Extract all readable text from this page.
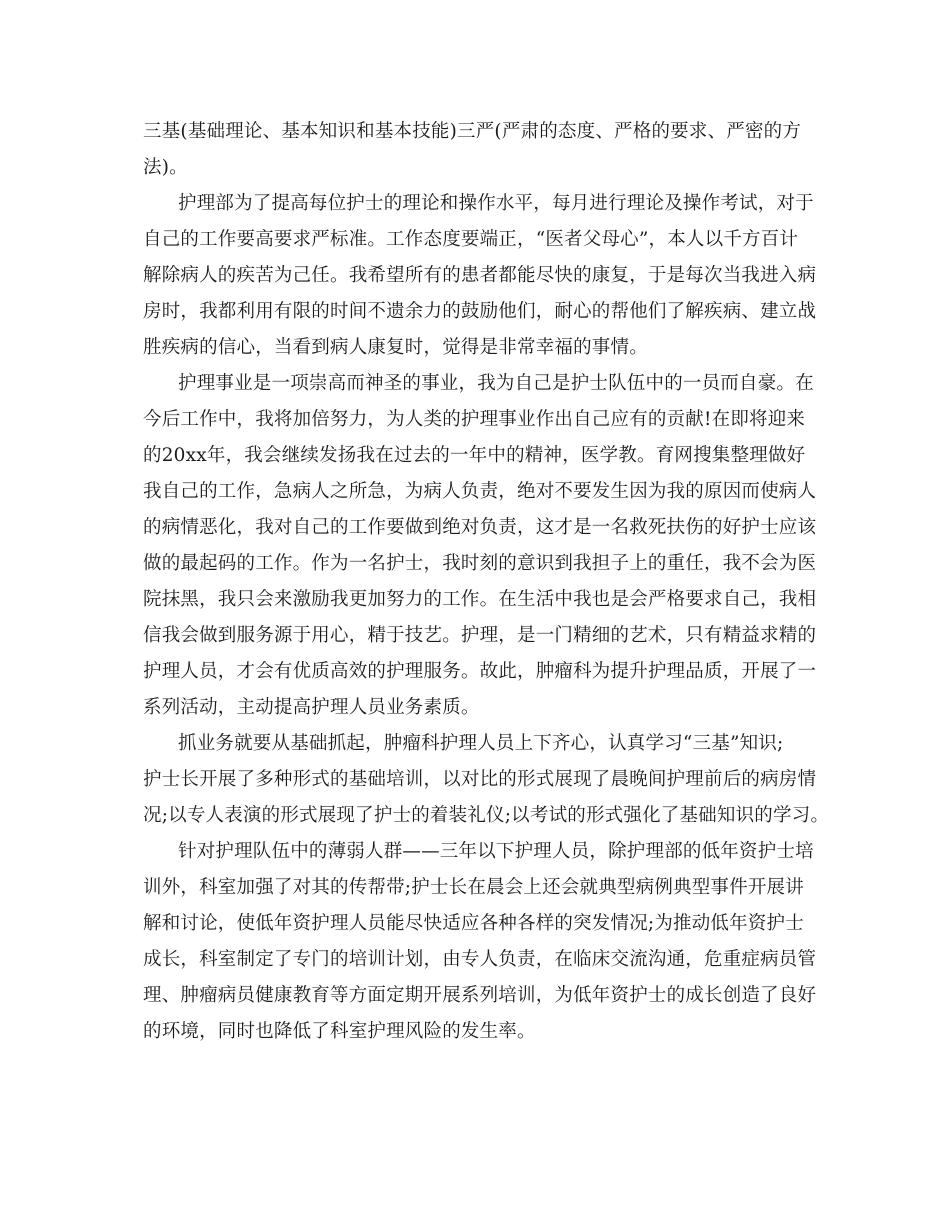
三基(基础理论、基本知识和基本技能)三严(严肃的态度、严格的要求、严密的方
法)。
护理部为了提高每位护士的理论和操作水平，每月进行理论及操作考试，对于
自己的工作要高要求严标准。工作态度要端正，“医者父母心”，本人以千方百计
解除病人的疾苦为己任。我希望所有的患者都能尽快的康复，于是每次当我进入病
房时，我都利用有限的时间不遗余力的鼓励他们，耐心的帮他们了解疾病、建立战
胜疾病的信心，当看到病人康复时，觉得是非常幸福的事情。
护理事业是一项崇高而神圣的事业，我为自己是护士队伍中的一员而自豪。在
今后工作中，我将加倍努力，为人类的护理事业作出自己应有的贡献!在即将迎来
的20xx年，我会继续发扬我在过去的一年中的精神，医学教。育网搜集整理做好
我自己的工作，急病人之所急，为病人负责，绝对不要发生因为我的原因而使病人
的病情恶化，我对自己的工作要做到绝对负责，这才是一名救死扶伤的好护士应该
做的最起码的工作。作为一名护士，我时刻的意识到我担子上的重任，我不会为医
院抹黑，我只会来激励我更加努力的工作。在生活中我也是会严格要求自己，我相
信我会做到服务源于用心，精于技艺。护理，是一门精细的艺术，只有精益求精的
护理人员，才会有优质高效的护理服务。故此，肿瘤科为提升护理品质，开展了一
系列活动，主动提高护理人员业务素质。
抓业务就要从基础抓起，肿瘤科护理人员上下齐心，认真学习“三基”知识;
护士长开展了多种形式的基础培训，以对比的形式展现了晨晚间护理前后的病房情
况;以专人表演的形式展现了护士的着装礼仪;以考试的形式强化了基础知识的学习。
针对护理队伍中的薄弱人群——三年以下护理人员，除护理部的低年资护士培
训外，科室加强了对其的传帮带;护士长在晨会上还会就典型病例典型事件开展讲
解和讨论，使低年资护理人员能尽快适应各种各样的突发情况;为推动低年资护士
成长，科室制定了专门的培训计划，由专人负责，在临床交流沟通，危重症病员管
理、肿瘤病员健康教育等方面定期开展系列培训，为低年资护士的成长创造了良好
的环境，同时也降低了科室护理风险的发生率。
